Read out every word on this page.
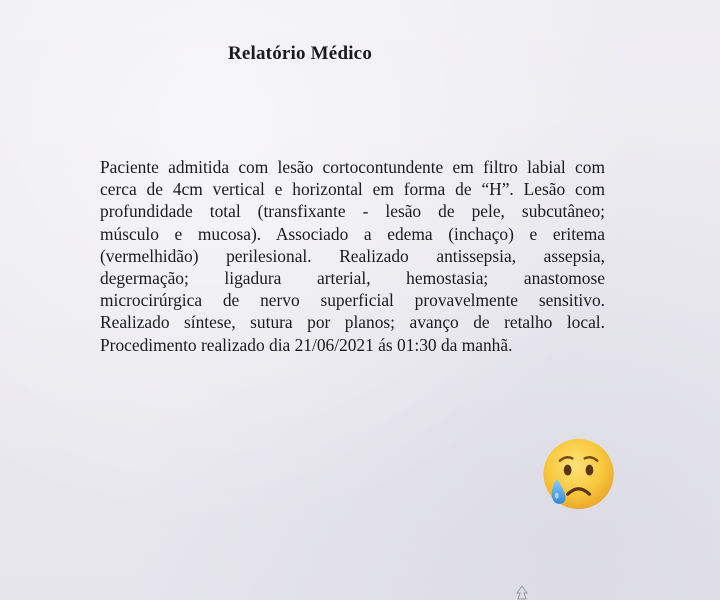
Relatório Médico
Paciente admitida com lesão cortocontundente em filtro labial com
cerca de 4cm vertical e horizontal em forma de “H”. Lesão com
profundidade total (transfixante - lesão de pele, subcutâneo;
músculo e mucosa). Associado a edema (inchaço) e eritema
(vermelhidão) perilesional. Realizado antissepsia, assepsia,
degermação; ligadura arterial, hemostasia; anastomose
microcirúrgica de nervo superficial provavelmente sensitivo.
Realizado síntese, sutura por planos; avanço de retalho local.
Procedimento realizado dia 21/06/2021 ás 01:30 da manhã.
